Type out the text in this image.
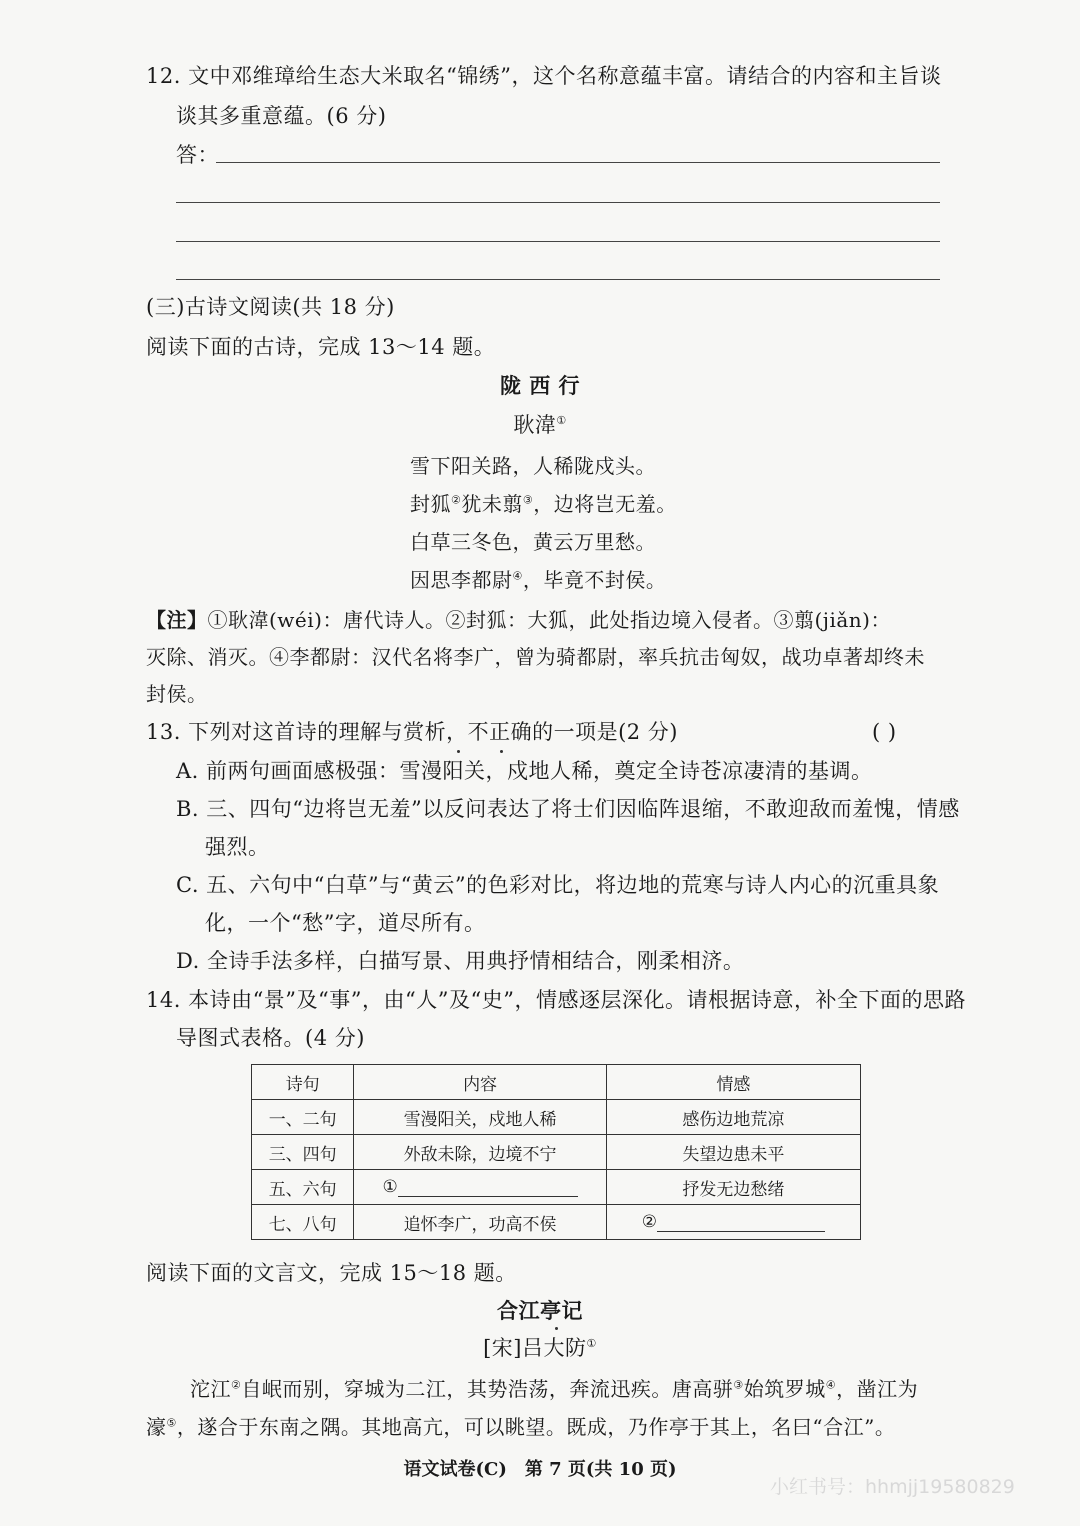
12. 文中邓维璋给生态大米取名“锦绣”，这个名称意蕴丰富。请结合的内容和主旨谈
谈其多重意蕴。(6 分)
答：
(三)古诗文阅读(共 18 分)
阅读下面的古诗，完成 13～14 题。
陇 西 行
耿湋①
雪下阳关路，人稀陇戍头。
封狐②犹未翦③，边将岂无羞。
白草三冬色，黄云万里愁。
因思李都尉④，毕竟不封侯。
【注】①耿湋(wéi)：唐代诗人。②封狐：大狐，此处指边境入侵者。③翦(jiǎn)：
灭除、消灭。④李都尉：汉代名将李广，曾为骑都尉，率兵抗击匈奴，战功卓著却终未
封侯。
13. 下列对这首诗的理解与赏析，不正确的一项是(2 分)	( )
A. 前两句画面感极强：雪漫阳关，戍地人稀，奠定全诗苍凉凄清的基调。
B. 三、四句“边将岂无羞”以反问表达了将士们因临阵退缩，不敢迎敌而羞愧，情感
强烈。
C. 五、六句中“白草”与“黄云”的色彩对比，将边地的荒寒与诗人内心的沉重具象
化，一个“愁”字，道尽所有。
D. 全诗手法多样，白描写景、用典抒情相结合，刚柔相济。
14. 本诗由“景”及“事”，由“人”及“史”，情感逐层深化。请根据诗意，补全下面的思路
导图式表格。(4 分)
诗句	内容	情感
一、二句	雪漫阳关，戍地人稀	感伤边地荒凉
三、四句	外敌未除，边境不宁	失望边患未平
五、六句	①	抒发无边愁绪
七、八句	追怀李广，功高不侯	②
阅读下面的文言文，完成 15～18 题。
合江亭记
[宋]吕大防①
沱江②自岷而别，穿城为二江，其势浩荡，奔流迅疾。唐高骈③始筑罗城④，凿江为
濠⑤，遂合于东南之隅。其地高亢，可以眺望。既成，乃作亭于其上，名曰“合江”。
语文试卷(C)　第 7 页(共 10 页)
小红书号：hhmjj19580829
